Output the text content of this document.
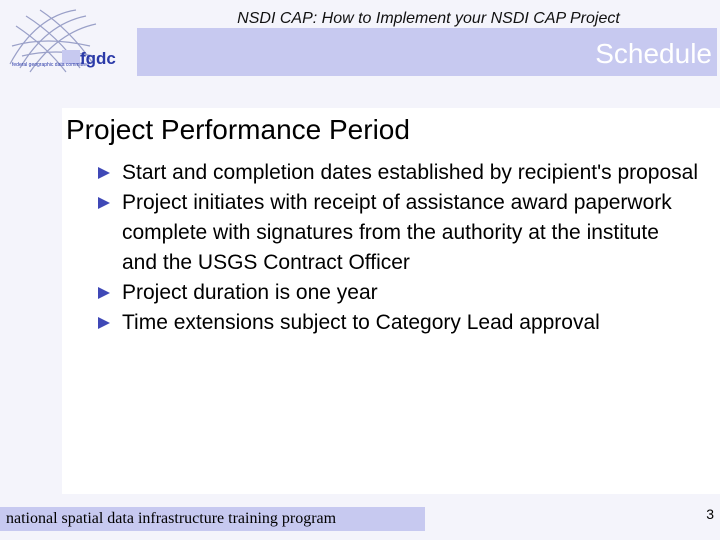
federal geographic data committee
fgdc
NSDI CAP: How to Implement your NSDI CAP Project
Schedule
Project Performance Period
Start and completion dates established by recipient's proposal
Project initiates with receipt of assistance award paperwork complete with signatures from the authority at the institute and the USGS Contract Officer
Project duration is one year
Time extensions subject to Category Lead approval
national spatial data infrastructure training program	3
